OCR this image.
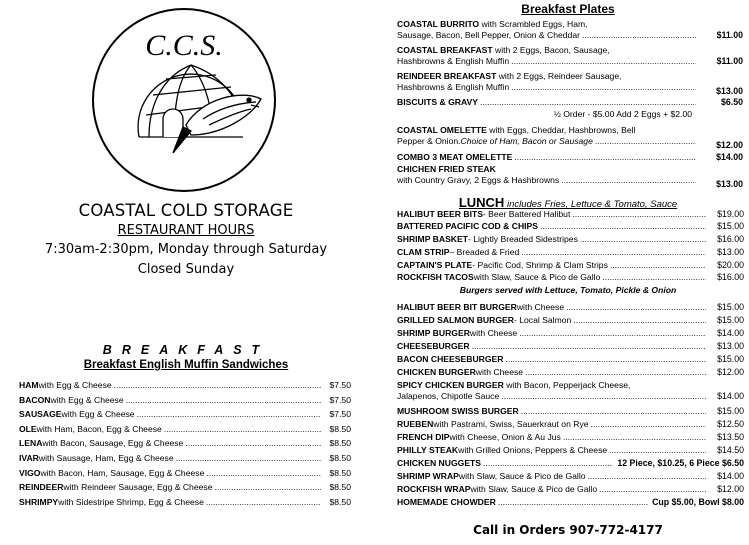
C.C.S.
COASTAL COLD STORAGE
RESTAURANT HOURS
7:30am-2:30pm, Monday through Saturday
Closed Sunday
BREAKFAST
Breakfast English Muffin Sandwiches
HAM with Egg & Cheese .....	$7.50
BACON with Egg & Cheese .....	$7.50
SAUSAGE with Egg & Cheese .....	$7.50
OLE with Ham, Bacon, Egg & Cheese .....	$8.50
LENA with Bacon, Sausage, Egg & Cheese .....	$8.50
IVAR with Sausage, Ham, Egg & Cheese .....	$8.50
VIGO with Bacon, Ham, Sausage, Egg & Cheese .....	$8.50
REINDEER with Reindeer Sausage, Egg & Cheese .....	$8.50
SHRIMPY with Sidestripe Shrimp, Egg & Cheese .....	$8.50
Breakfast Plates
COASTAL BURRITO with Scrambled Eggs, Ham,
Sausage, Bacon, Bell Pepper, Onion & Cheddar .....	$11.00
COASTAL BREAKFAST with 2 Eggs, Bacon, Sausage,
Hashbrowns & English Muffin .....	$11.00
REINDEER BREAKFAST with 2 Eggs, Reindeer Sausage,
Hashbrowns & English Muffin .....	$13.00
BISCUITS & GRAVY .....	$6.50
½ Order - $5.00 Add 2 Eggs + $2.00
COASTAL OMELETTE with Eggs, Cheddar, Hashbrowns, Bell
Pepper & Onion. Choice of Ham, Bacon or Sausage .....	$12.00
COMBO 3 MEAT OMELETTE .....	$14.00
CHICHEN FRIED STEAK
with Country Gravy, 2 Eggs & Hashbrowns .....	$13.00
LUNCH includes Fries, Lettuce & Tomato, Sauce
HALIBUT BEER BITS - Beer Battered Halibut .....	$19.00
BATTERED PACIFIC COD & CHIPS .....	$15.00
SHRIMP BASKET - Lightly Breaded Sidestripes .....	$16.00
CLAM STRIP – Breaded & Fried .....	$13.00
CAPTAIN'S PLATE - Pacific Cod, Shrimp & Clam Strips .....	$20.00
ROCKFISH TACOS with Slaw, Sauce & Pico de Gallo .....	$16.00
Burgers served with Lettuce, Tomato, Pickle & Onion
HALIBUT BEER BIT BURGER with Cheese .....	$15.00
GRILLED SALMON BURGER - Local Salmon .....	$15.00
SHRIMP BURGER with Cheese .....	$14.00
CHEESEBURGER .....	$13.00
BACON CHEESEBURGER .....	$15.00
CHICKEN BURGER with Cheese .....	$12.00
SPICY CHICKEN BURGER with Bacon, Pepperjack Cheese,
Jalapenos, Chipotle Sauce .....	$14.00
MUSHROOM SWISS BURGER .....	$15.00
RUEBEN with Pastrami, Swiss, Sauerkraut on Rye .....	$12.50
FRENCH DIP with Cheese, Onion & Au Jus .....	$13.50
PHILLY STEAK with Grilled Onions, Peppers & Cheese .....	$14.50
CHICKEN NUGGETS .....	12 Piece, $10.25, 6 Piece $6.50
SHRIMP WRAP with Slaw, Sauce & Pico de Gallo .....	$14.00
ROCKFISH WRAP with Slaw, Sauce & Pico de Gallo .....	$12.00
HOMEMADE CHOWDER .....	Cup $5.00, Bowl $8.00
Call in Orders 907-772-4177
